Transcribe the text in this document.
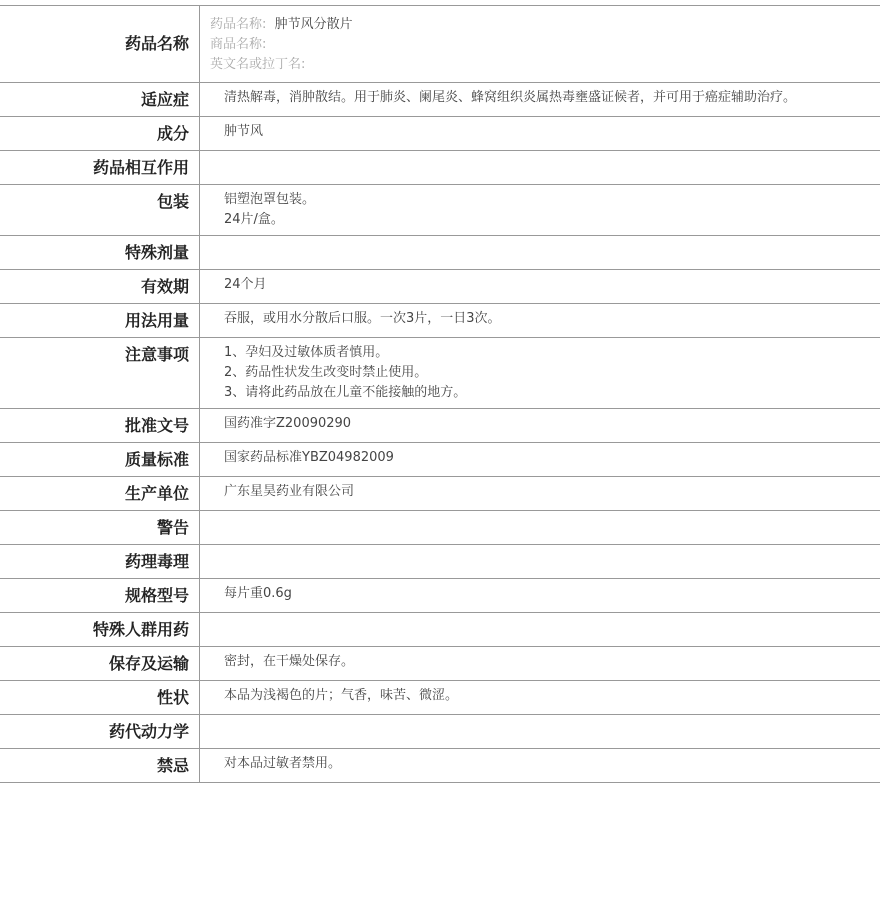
药品名称
药品名称: 肿节风分散片
商品名称:
英文名或拉丁名:
适应症	清热解毒，消肿散结。用于肺炎、阑尾炎、蜂窝组织炎属热毒壅盛证候者，并可用于癌症辅助治疗。
成分	肿节风
药品相互作用
包装	铝塑泡罩包装。
24片/盒。
特殊剂量
有效期	24个月
用法用量	吞服，或用水分散后口服。一次3片，一日3次。
注意事项	1、孕妇及过敏体质者慎用。
2、药品性状发生改变时禁止使用。
3、请将此药品放在儿童不能接触的地方。
批准文号	国药准字Z20090290
质量标准	国家药品标准YBZ04982009
生产单位	广东星昊药业有限公司
警告
药理毒理
规格型号	每片重0.6g
特殊人群用药
保存及运输	密封，在干燥处保存。
性状	本品为浅褐色的片；气香，味苦、微涩。
药代动力学
禁忌	对本品过敏者禁用。
